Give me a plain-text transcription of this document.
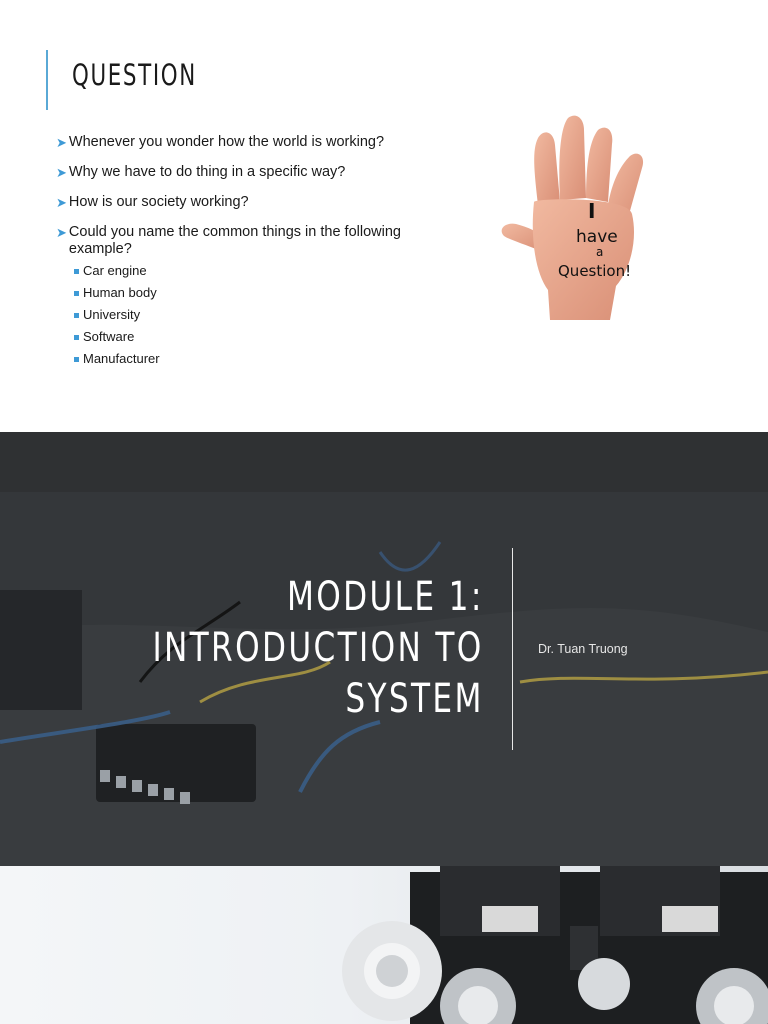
QUESTION
➤ Whenever you wonder how the world is working?
➤ Why we have to do thing in a specific way?
➤ How is our society working?
➤ Could you name the common things in the following example?
Car engine
Human body
University
Software
Manufacturer
I
have
a
Question!
MODULE 1:
INTRODUCTION TO
SYSTEM
Dr. Tuan Truong
